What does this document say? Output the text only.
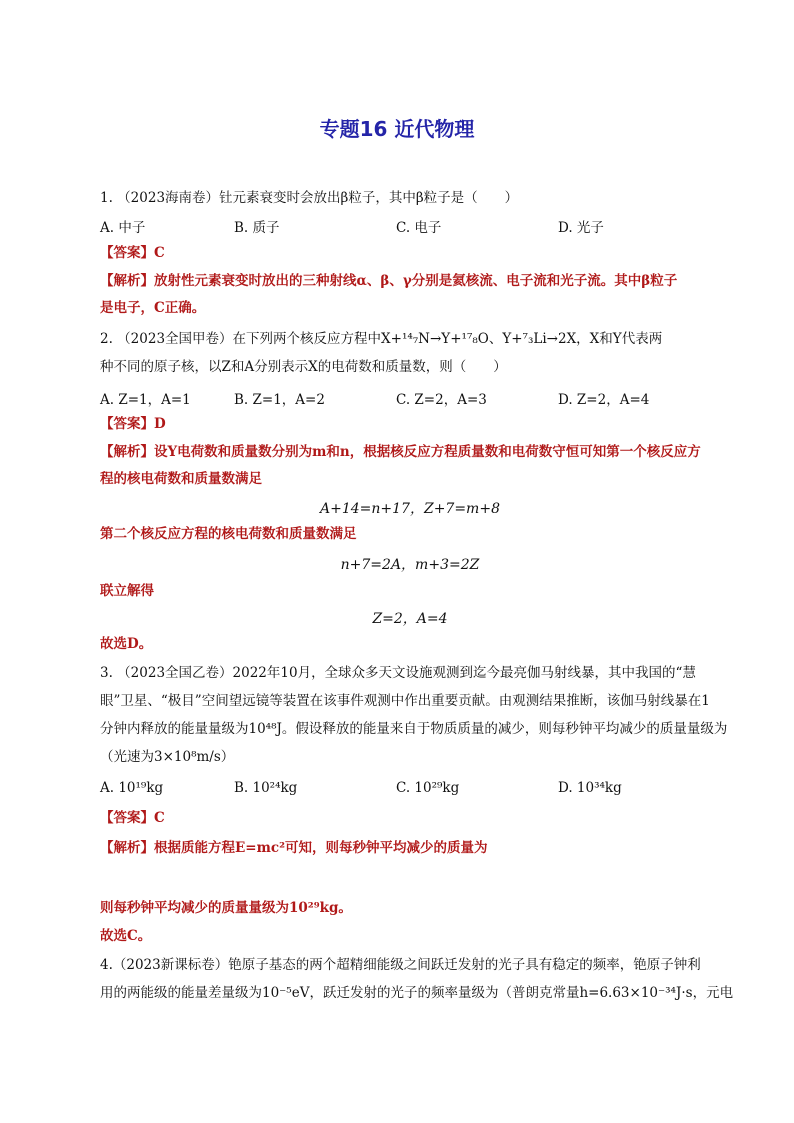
专题16 近代物理
1. （2023海南卷）钍元素衰变时会放出β粒子，其中β粒子是（　　）
A. 中子	B. 质子	C. 电子	D. 光子
【答案】C
【解析】放射性元素衰变时放出的三种射线α、β、γ分别是氦核流、电子流和光子流。其中β粒子
是电子，C正确。
2. （2023全国甲卷）在下列两个核反应方程中X+¹⁴₇N→Y+¹⁷₈O、Y+⁷₃Li→2X，X和Y代表两
种不同的原子核，以Z和A分别表示X的电荷数和质量数，则（　　）
A. Z=1，A=1	B. Z=1，A=2	C. Z=2，A=3	D. Z=2，A=4
【答案】D
【解析】设Y电荷数和质量数分别为m和n，根据核反应方程质量数和电荷数守恒可知第一个核反应方
程的核电荷数和质量数满足
A+14=n+17，Z+7=m+8
第二个核反应方程的核电荷数和质量数满足
n+7=2A，m+3=2Z
联立解得
Z=2，A=4
故选D。
3. （2023全国乙卷）2022年10月，全球众多天文设施观测到迄今最亮伽马射线暴，其中我国的“慧
眼”卫星、“极目”空间望远镜等装置在该事件观测中作出重要贡献。由观测结果推断，该伽马射线暴在1
分钟内释放的能量量级为10⁴⁸J。假设释放的能量来自于物质质量的减少，则每秒钟平均减少的质量量级为
（光速为3×10⁸m/s）
A. 10¹⁹kg	B. 10²⁴kg	C. 10²⁹kg	D. 10³⁴kg
【答案】C
【解析】根据质能方程E=mc²可知，则每秒钟平均减少的质量为
则每秒钟平均减少的质量量级为10²⁹kg。
故选C。
4.（2023新课标卷）铯原子基态的两个超精细能级之间跃迁发射的光子具有稳定的频率，铯原子钟利
用的两能级的能量差量级为10⁻⁵eV，跃迁发射的光子的频率量级为（普朗克常量h=6.63×10⁻³⁴J·s，元电
